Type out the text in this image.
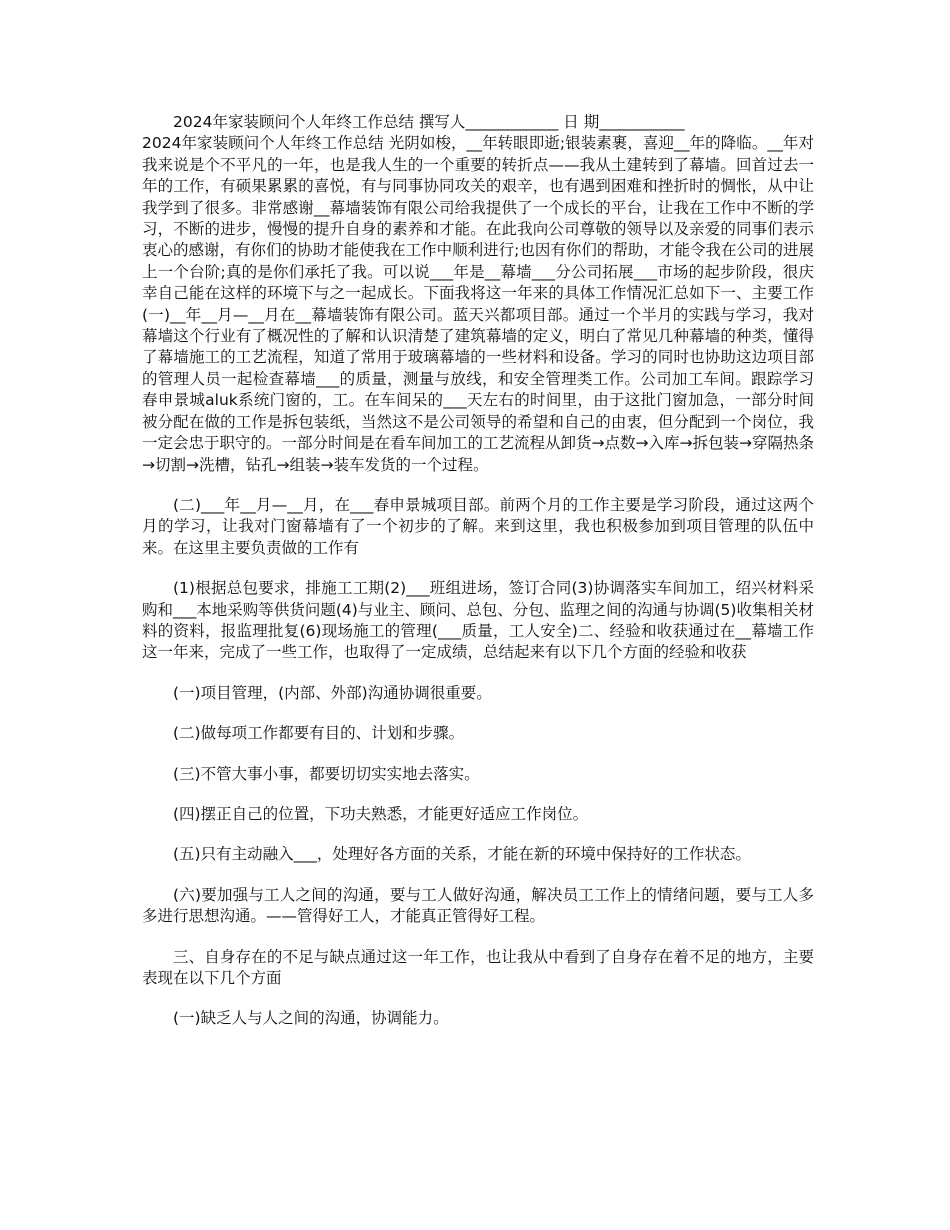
2024年家装顾问个人年终工作总结 撰写人____________ 日 期___________
2024年家装顾问个人年终工作总结 光阴如梭，__年转眼即逝;银装素裹，喜迎__年的降临。__年对我来说是个不平凡的一年，也是我人生的一个重要的转折点——我从土建转到了幕墙。回首过去一年的工作，有硕果累累的喜悦，有与同事协同攻关的艰辛，也有遇到困难和挫折时的惆怅，从中让我学到了很多。非常感谢__幕墙装饰有限公司给我提供了一个成长的平台，让我在工作中不断的学习，不断的进步，慢慢的提升自身的素养和才能。在此我向公司尊敬的领导以及亲爱的同事们表示衷心的感谢，有你们的协助才能使我在工作中顺利进行;也因有你们的帮助，才能令我在公司的进展上一个台阶;真的是你们承托了我。可以说___年是__幕墙___分公司拓展___市场的起步阶段，很庆幸自己能在这样的环境下与之一起成长。下面我将这一年来的具体工作情况汇总如下一、主要工作(一)__年__月—__月在__幕墙装饰有限公司。蓝天兴都项目部。通过一个半月的实践与学习，我对幕墙这个行业有了概况性的了解和认识清楚了建筑幕墙的定义，明白了常见几种幕墙的种类，懂得了幕墙施工的工艺流程，知道了常用于玻璃幕墙的一些材料和设备。学习的同时也协助这边项目部的管理人员一起检查幕墙___的质量，测量与放线，和安全管理类工作。公司加工车间。跟踪学习春申景城aluk系统门窗的，工。在车间呆的___天左右的时间里，由于这批门窗加急，一部分时间被分配在做的工作是拆包装纸，当然这不是公司领导的希望和自己的由衷，但分配到一个岗位，我一定会忠于职守的。一部分时间是在看车间加工的工艺流程从卸货→点数→入库→拆包装→穿隔热条→切割→洗槽，钻孔→组装→装车发货的一个过程。

(二)___年__月—__月，在___春申景城项目部。前两个月的工作主要是学习阶段，通过这两个月的学习，让我对门窗幕墙有了一个初步的了解。来到这里，我也积极参加到项目管理的队伍中来。在这里主要负责做的工作有

(1)根据总包要求，排施工工期(2)___班组进场，签订合同(3)协调落实车间加工，绍兴材料采购和___本地采购等供货问题(4)与业主、顾问、总包、分包、监理之间的沟通与协调(5)收集相关材料的资料，报监理批复(6)现场施工的管理(___质量，工人安全)二、经验和收获通过在__幕墙工作这一年来，完成了一些工作，也取得了一定成绩，总结起来有以下几个方面的经验和收获

(一)项目管理，(内部、外部)沟通协调很重要。

(二)做每项工作都要有目的、计划和步骤。

(三)不管大事小事，都要切切实实地去落实。

(四)摆正自己的位置，下功夫熟悉，才能更好适应工作岗位。

(五)只有主动融入___，处理好各方面的关系，才能在新的环境中保持好的工作状态。

(六)要加强与工人之间的沟通，要与工人做好沟通，解决员工工作上的情绪问题，要与工人多多进行思想沟通。——管得好工人，才能真正管得好工程。

三、自身存在的不足与缺点通过这一年工作，也让我从中看到了自身存在着不足的地方，主要表现在以下几个方面

(一)缺乏人与人之间的沟通，协调能力。
